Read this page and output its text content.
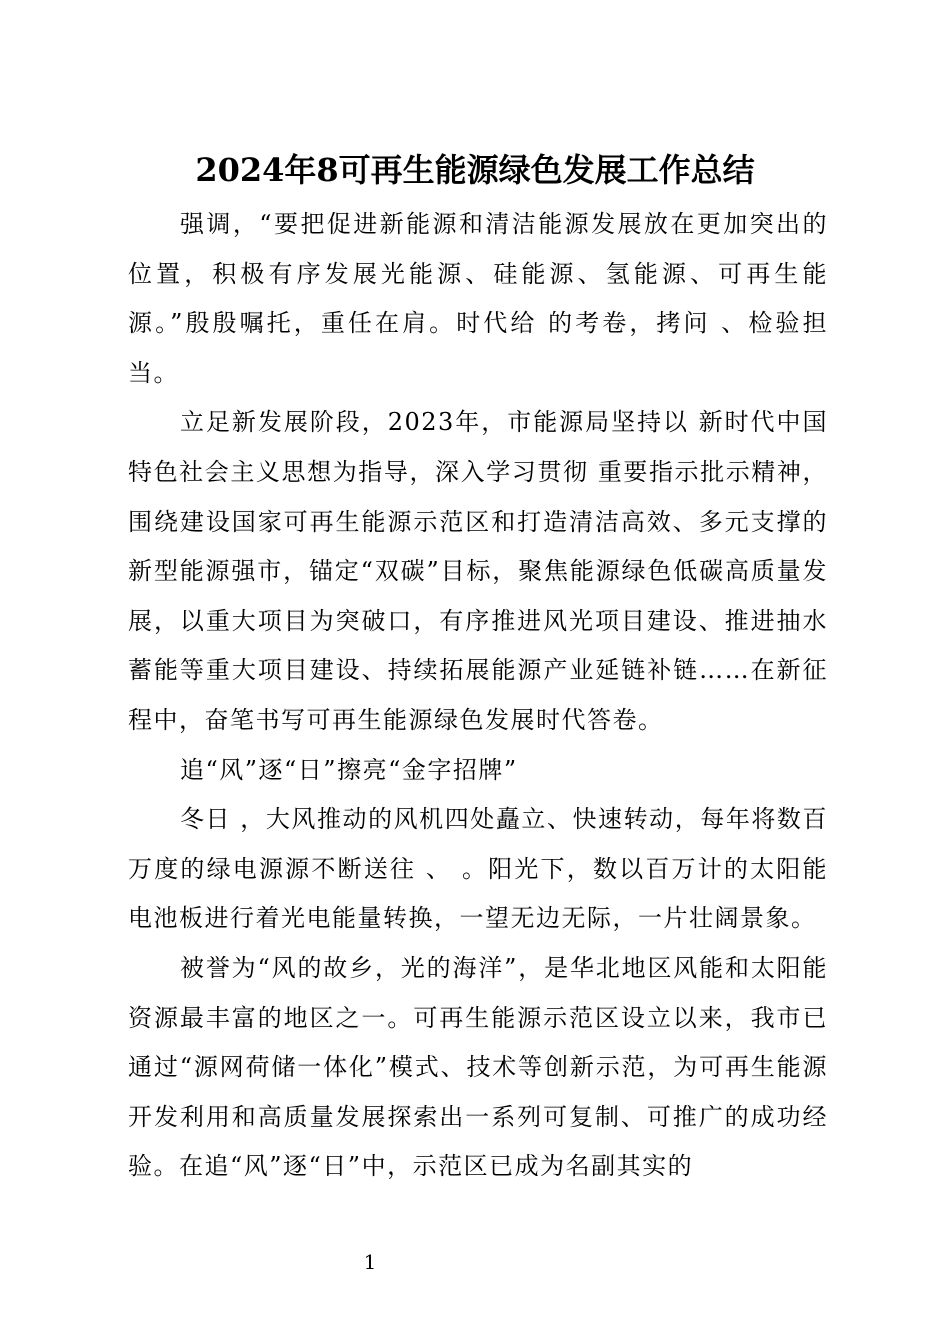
2024年8可再生能源绿色发展工作总结

强调，“要把促进新能源和清洁能源发展放在更加突出的位置，积极有序发展光能源、硅能源、氢能源、可再生能源。”殷殷嘱托，重任在肩。时代给 的考卷，拷问 、检验担当。

立足新发展阶段，2023年，市能源局坚持以 新时代中国特色社会主义思想为指导，深入学习贯彻 重要指示批示精神，围绕建设国家可再生能源示范区和打造清洁高效、多元支撑的新型能源强市，锚定“双碳”目标，聚焦能源绿色低碳高质量发展，以重大项目为突破口，有序推进风光项目建设、推进抽水蓄能等重大项目建设、持续拓展能源产业延链补链……在新征程中，奋笔书写可再生能源绿色发展时代答卷。

追“风”逐“日”擦亮“金字招牌”

冬日 ，大风推动的风机四处矗立、快速转动，每年将数百万度的绿电源源不断送往 、 。阳光下，数以百万计的太阳能电池板进行着光电能量转换，一望无边无际，一片壮阔景象。

被誉为“风的故乡，光的海洋”，是华北地区风能和太阳能资源最丰富的地区之一。可再生能源示范区设立以来，我市已通过“源网荷储一体化”模式、技术等创新示范，为可再生能源开发利用和高质量发展探索出一系列可复制、可推广的成功经验。在追“风”逐“日”中，示范区已成为名副其实的

1
